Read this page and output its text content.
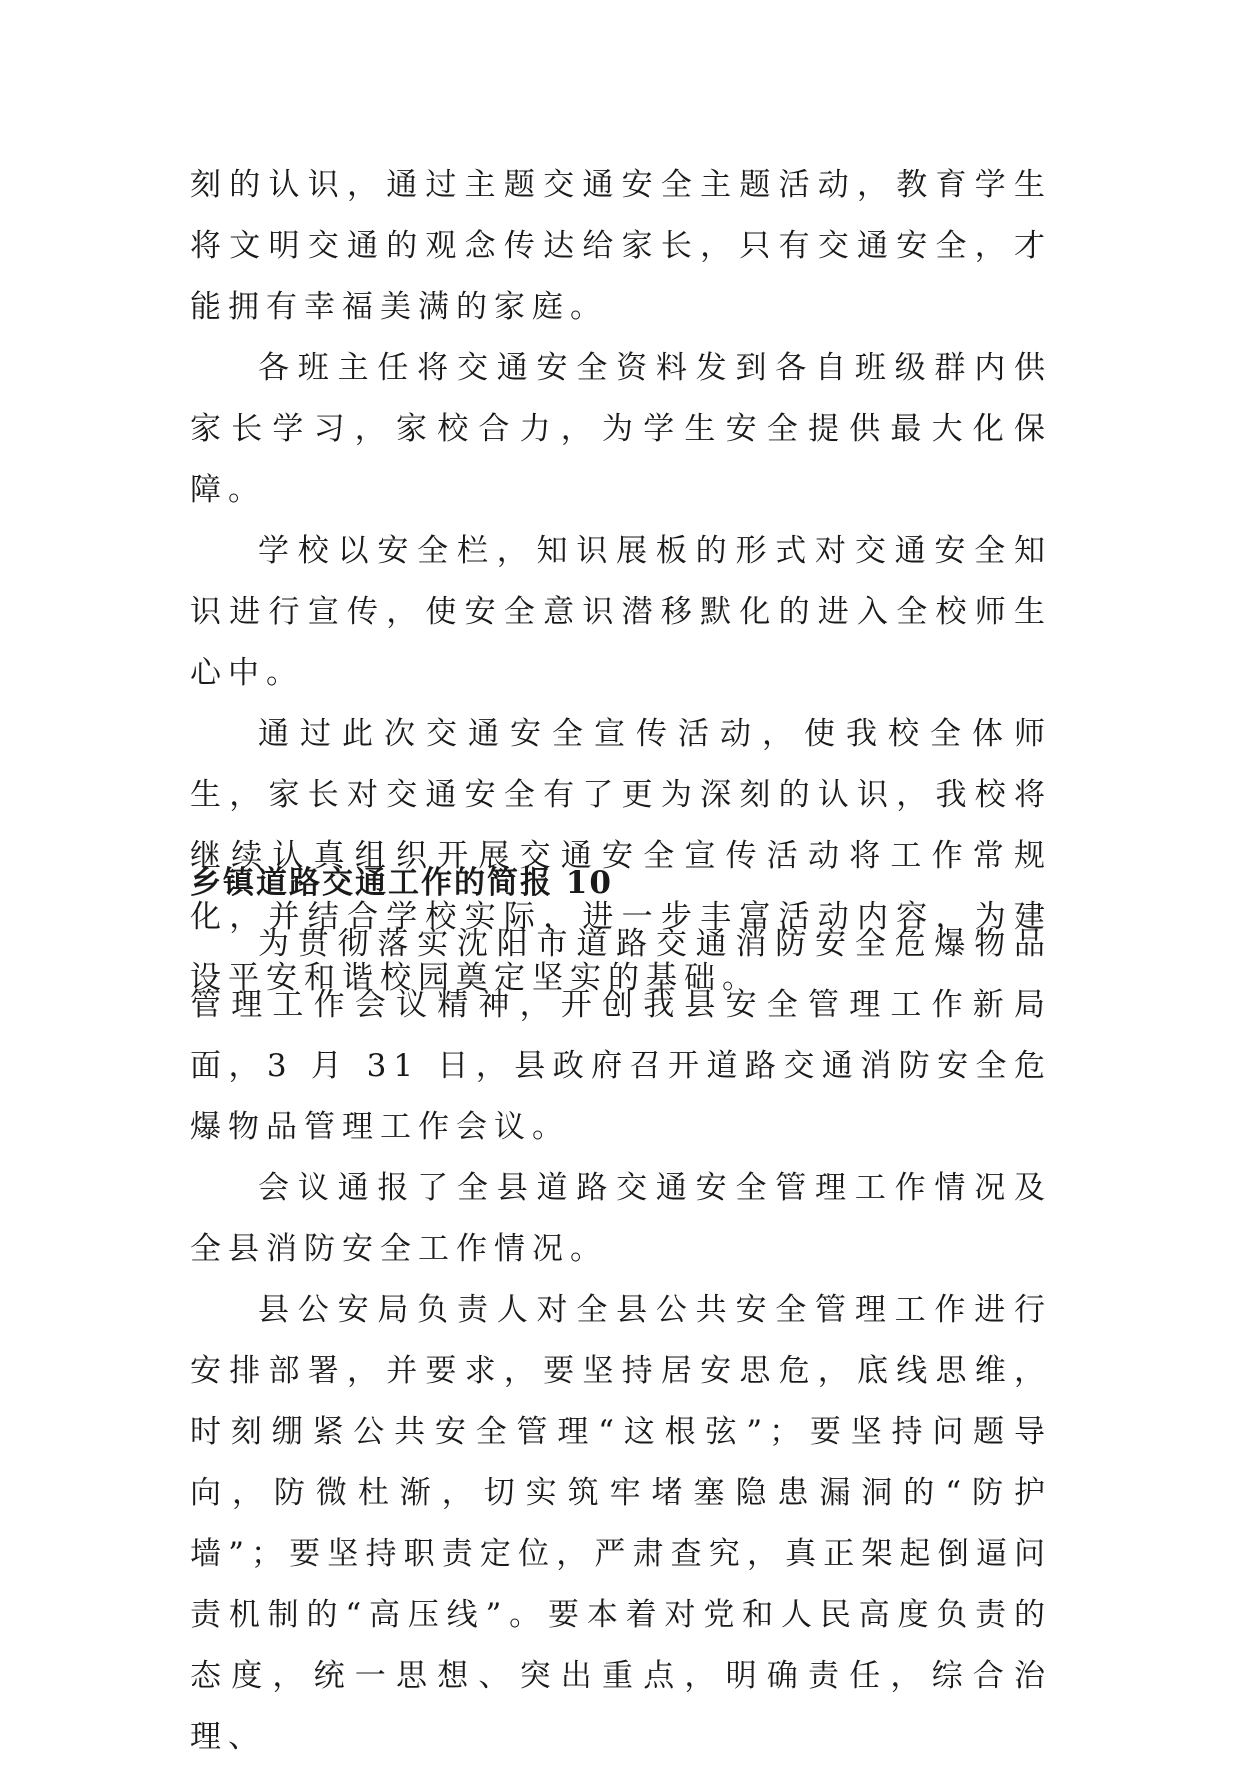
刻的认识，通过主题交通安全主题活动，教育学生将文明交通的观念传达给家长，只有交通安全，才能拥有幸福美满的家庭。

各班主任将交通安全资料发到各自班级群内供家长学习，家校合力，为学生安全提供最大化保障。

学校以安全栏，知识展板的形式对交通安全知识进行宣传，使安全意识潜移默化的进入全校师生心中。

通过此次交通安全宣传活动，使我校全体师生，家长对交通安全有了更为深刻的认识，我校将继续认真组织开展交通安全宣传活动将工作常规化，并结合学校实际，进一步丰富活动内容，为建设平安和谐校园奠定坚实的基础。

乡镇道路交通工作的简报 10

为贯彻落实沈阳市道路交通消防安全危爆物品管理工作会议精神，开创我县安全管理工作新局面，3 月 31 日，县政府召开道路交通消防安全危爆物品管理工作会议。

会议通报了全县道路交通安全管理工作情况及全县消防安全工作情况。

县公安局负责人对全县公共安全管理工作进行安排部署，并要求，要坚持居安思危，底线思维，时刻绷紧公共安全管理“这根弦”；要坚持问题导向，防微杜渐，切实筑牢堵塞隐患漏洞的“防护墙”；要坚持职责定位，严肃查究，真正架起倒逼问责机制的“高压线”。要本着对党和人民高度负责的态度，统一思想、突出重点，明确责任，综合治理、
